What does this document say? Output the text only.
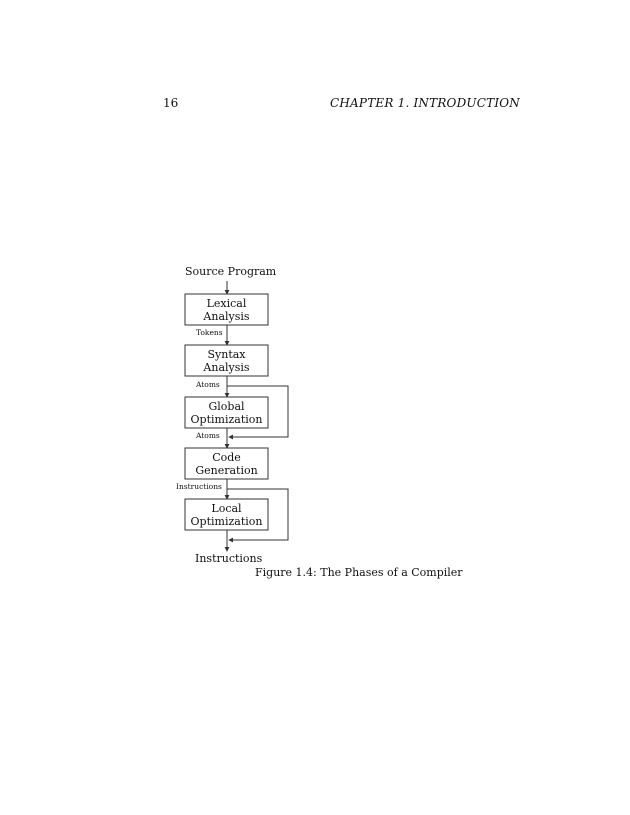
16	CHAPTER 1. INTRODUCTION
Source Program
Lexical
Analysis
Tokens
Syntax
Analysis
Atoms
Global
Optimization
Atoms
Code
Generation
Instructions
Local
Optimization
Instructions
Figure 1.4: The Phases of a Compiler
